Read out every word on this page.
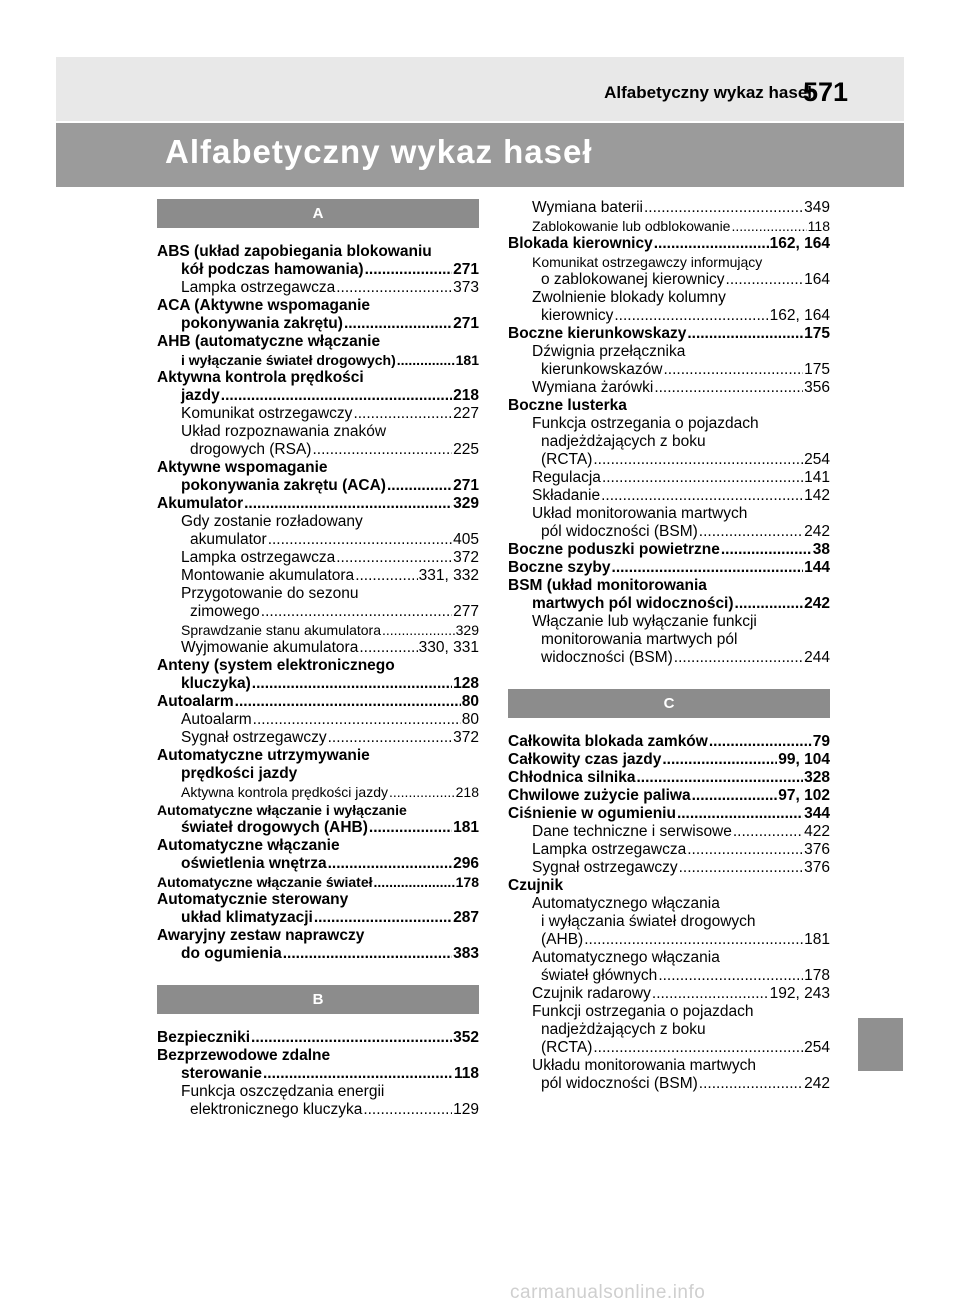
Alfabetyczny wykaz haseł
571
Alfabetyczny wykaz haseł
A
ABS (układ zapobiegania blokowaniu
kół podczas hamowania) .....	271
Lampka ostrzegawcza .....	373
ACA (Aktywne wspomaganie
pokonywania zakrętu) .....	271
AHB (automatyczne włączanie
i wyłączanie świateł drogowych) .....	181
Aktywna kontrola prędkości
jazdy .....	218
Komunikat ostrzegawczy .....	227
Układ rozpoznawania znaków
drogowych (RSA) .....	225
Aktywne wspomaganie
pokonywania zakrętu (ACA) .....	271
Akumulator .....	329
Gdy zostanie rozładowany
akumulator .....	405
Lampka ostrzegawcza .....	372
Montowanie akumulatora .....	331, 332
Przygotowanie do sezonu
zimowego .....	277
Sprawdzanie stanu akumulatora .....	329
Wyjmowanie akumulatora .....	330, 331
Anteny (system elektronicznego
kluczyka) .....	128
Autoalarm .....	80
Autoalarm .....	80
Sygnał ostrzegawczy .....	372
Automatyczne utrzymywanie
prędkości jazdy
Aktywna kontrola prędkości jazdy .....	218
Automatyczne włączanie i wyłączanie
świateł drogowych (AHB) .....	181
Automatyczne włączanie
oświetlenia wnętrza .....	296
Automatyczne włączanie świateł .....	178
Automatycznie sterowany
układ klimatyzacji .....	287
Awaryjny zestaw naprawczy
do ogumienia .....	383
B
Bezpieczniki .....	352
Bezprzewodowe zdalne
sterowanie .....	118
Funkcja oszczędzania energii
elektronicznego kluczyka .....	129
Wymiana baterii .....	349
Zablokowanie lub odblokowanie .....	118
Blokada kierownicy .....	162, 164
Komunikat ostrzegawczy informujący
o zablokowanej kierownicy .....	164
Zwolnienie blokady kolumny
kierownicy .....	162, 164
Boczne kierunkowskazy .....	175
Dźwignia przełącznika
kierunkowskazów .....	175
Wymiana żarówki .....	356
Boczne lusterka
Funkcja ostrzegania o pojazdach
nadjeżdżających z boku
(RCTA) .....	254
Regulacja .....	141
Składanie .....	142
Układ monitorowania martwych
pól widoczności (BSM) .....	242
Boczne poduszki powietrzne .....	38
Boczne szyby .....	144
BSM (układ monitorowania
martwych pól widoczności) .....	242
Włączanie lub wyłączanie funkcji
monitorowania martwych pól
widoczności (BSM) .....	244
C
Całkowita blokada zamków .....	79
Całkowity czas jazdy .....	99, 104
Chłodnica silnika .....	328
Chwilowe zużycie paliwa .....	97, 102
Ciśnienie w ogumieniu .....	344
Dane techniczne i serwisowe .....	422
Lampka ostrzegawcza .....	376
Sygnał ostrzegawczy .....	376
Czujnik
Automatycznego włączania
i wyłączania świateł drogowych
(AHB) .....	181
Automatycznego włączania
świateł głównych .....	178
Czujnik radarowy .....	192, 243
Funkcji ostrzegania o pojazdach
nadjeżdżających z boku
(RCTA) .....	254
Układu monitorowania martwych
pól widoczności (BSM) .....	242
carmanualsonline.info
